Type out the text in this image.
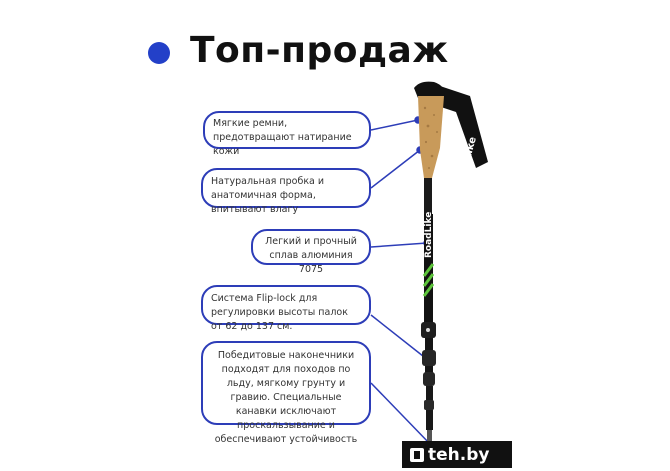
Топ-продаж
Like
RoadLike
Мягкие ремни, предотвращают натирание кожи
Натуральная пробка и анатомичная форма, впитывают влагу
Легкий и прочный сплав алюминия 7075
Система Flip-lock для регулировки высоты палок от 62 до 137 см.
Победитовые наконечники подходят для походов по льду, мягкому грунту и гравию. Специальные канавки исключают проскальзывание и обеспечивают устойчивость
teh.by
